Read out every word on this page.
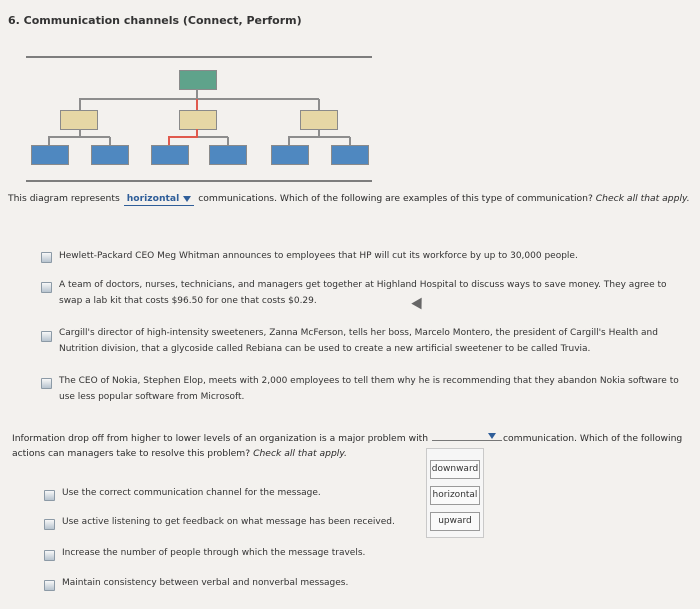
6. Communication channels (Connect, Perform)
This diagram represents horizontal communications. Which of the following are examples of this type of communication? Check all that apply.
Hewlett-Packard CEO Meg Whitman announces to employees that HP will cut its workforce by up to 30,000 people.
A team of doctors, nurses, technicians, and managers get together at Highland Hospital to discuss ways to save money. They agree to
swap a lab kit that costs $96.50 for one that costs $0.29.
Cargill's director of high-intensity sweeteners, Zanna McFerson, tells her boss, Marcelo Montero, the president of Cargill's Health and
Nutrition division, that a glycoside called Rebiana can be used to create a new artificial sweetener to be called Truvia.
The CEO of Nokia, Stephen Elop, meets with 2,000 employees to tell them why he is recommending that they abandon Nokia software to
use less popular software from Microsoft.
Information drop off from higher to lower levels of an organization is a major problem with	communication. Which of the following
actions can managers take to resolve this problem? Check all that apply.
downward
horizontal
upward
Use the correct communication channel for the message.
Use active listening to get feedback on what message has been received.
Increase the number of people through which the message travels.
Maintain consistency between verbal and nonverbal messages.
